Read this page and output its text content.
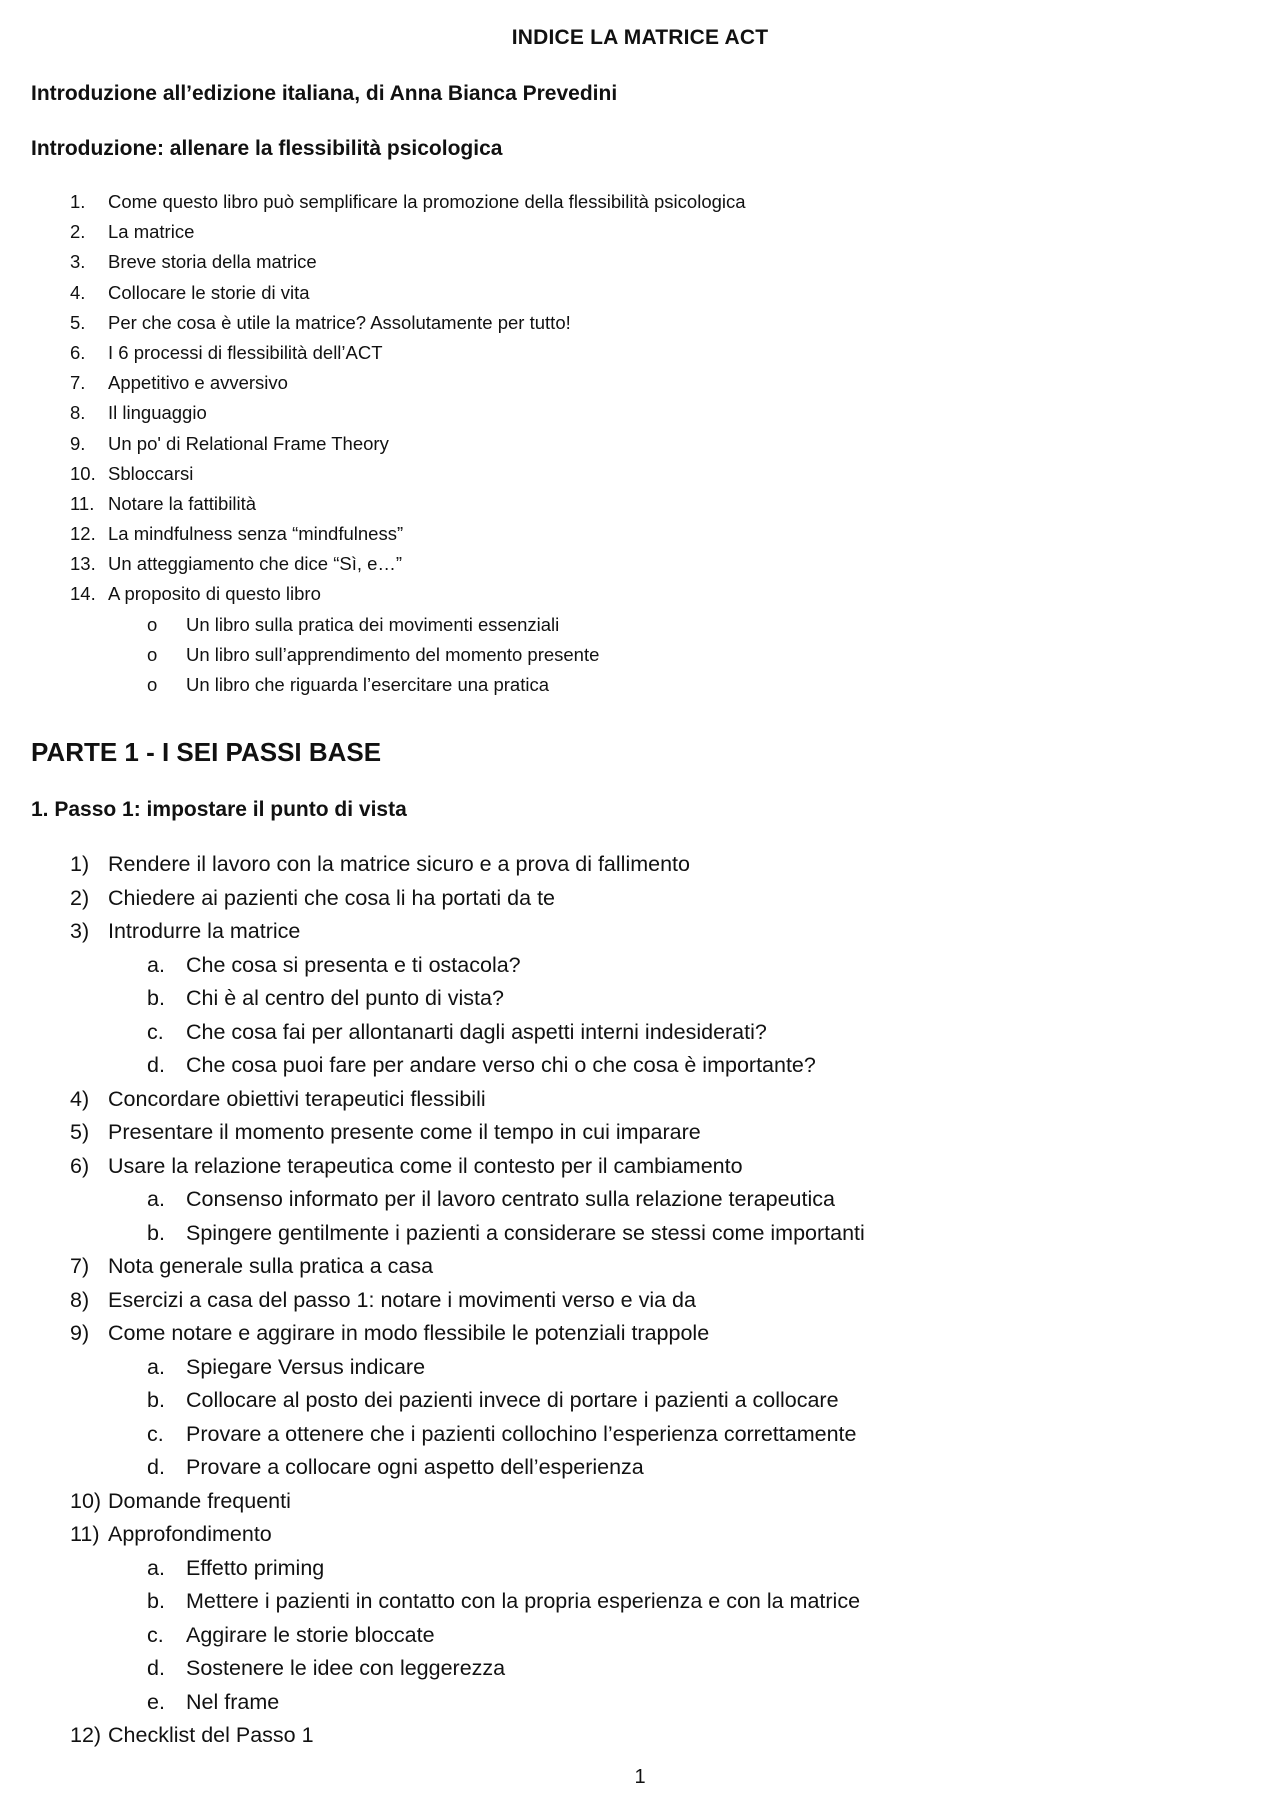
INDICE LA MATRICE ACT
Introduzione all’edizione italiana, di Anna Bianca Prevedini
Introduzione: allenare la flessibilità psicologica
1. Come questo libro può semplificare la promozione della flessibilità psicologica
2. La matrice
3. Breve storia della matrice
4. Collocare le storie di vita
5. Per che cosa è utile la matrice? Assolutamente per tutto!
6. I 6 processi di flessibilità dell’ACT
7. Appetitivo e avversivo
8. Il linguaggio
9. Un po' di Relational Frame Theory
10. Sbloccarsi
11. Notare la fattibilità
12. La mindfulness senza “mindfulness”
13. Un atteggiamento che dice “Sì, e…”
14. A proposito di questo libro
o Un libro sulla pratica dei movimenti essenziali
o Un libro sull’apprendimento del momento presente
o Un libro che riguarda l’esercitare una pratica
PARTE 1 - I SEI PASSI BASE
1. Passo 1: impostare il punto di vista
1) Rendere il lavoro con la matrice sicuro e a prova di fallimento
2) Chiedere ai pazienti che cosa li ha portati da te
3) Introdurre la matrice
a. Che cosa si presenta e ti ostacola?
b. Chi è al centro del punto di vista?
c. Che cosa fai per allontanarti dagli aspetti interni indesiderati?
d. Che cosa puoi fare per andare verso chi o che cosa è importante?
4) Concordare obiettivi terapeutici flessibili
5) Presentare il momento presente come il tempo in cui imparare
6) Usare la relazione terapeutica come il contesto per il cambiamento
a. Consenso informato per il lavoro centrato sulla relazione terapeutica
b. Spingere gentilmente i pazienti a considerare se stessi come importanti
7) Nota generale sulla pratica a casa
8) Esercizi a casa del passo 1: notare i movimenti verso e via da
9) Come notare e aggirare in modo flessibile le potenziali trappole
a. Spiegare Versus indicare
b. Collocare al posto dei pazienti invece di portare i pazienti a collocare
c. Provare a ottenere che i pazienti collochino l’esperienza correttamente
d. Provare a collocare ogni aspetto dell’esperienza
10) Domande frequenti
11) Approfondimento
a. Effetto priming
b. Mettere i pazienti in contatto con la propria esperienza e con la matrice
c. Aggirare le storie bloccate
d. Sostenere le idee con leggerezza
e. Nel frame
12) Checklist del Passo 1
1
